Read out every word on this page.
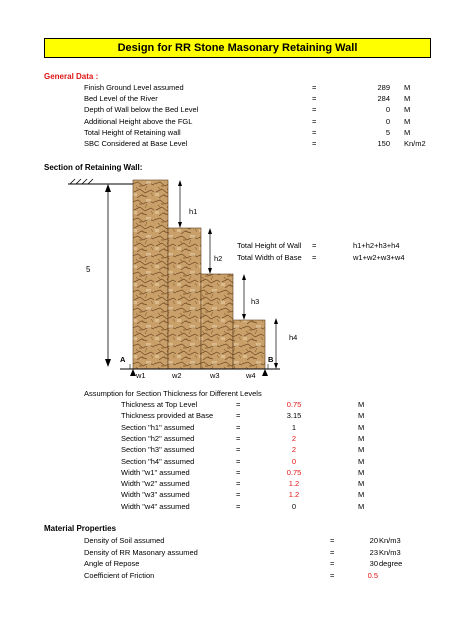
Design for RR Stone Masonary Retaining Wall
General Data :
Finish Ground Level assumed	=	289 M
Bed Level of the River	=	284 M
Depth of Wall below the Bed Level	=	0 M
Additional Height above the FGL	=	0 M
Total Height of Retaining wall	=	5 M
SBC Considered at Base Level	=	150 Kn/m2
Section of Retaining Wall:
5
h1
h2
h3
h4
A	B
w1	w2	w3	w4
Total Height of Wall =	h1+h2+h3+h4
Total Width of Base =	w1+w2+w3+w4
Assumption for Section Thickness for Different Levels
Thickness at Top Level	=	0.75	M
Thickness provided at Base	=	3.15	M
Section "h1" assumed	=	1	M
Section "h2" assumed	=	2	M
Section "h3" assumed	=	2	M
Section "h4" assumed	=	0	M
Width "w1" assumed	=	0.75	M
Width "w2" assumed	=	1.2	M
Width "w3" assumed	=	1.2	M
Width "w4" assumed	=	0	M
Material Properties
Density of Soil assumed	=	20 Kn/m3
Density of RR Masonary assumed	=	23 Kn/m3
Angle of Repose	=	30 degree
Coefficient of Friction	=	0.5
